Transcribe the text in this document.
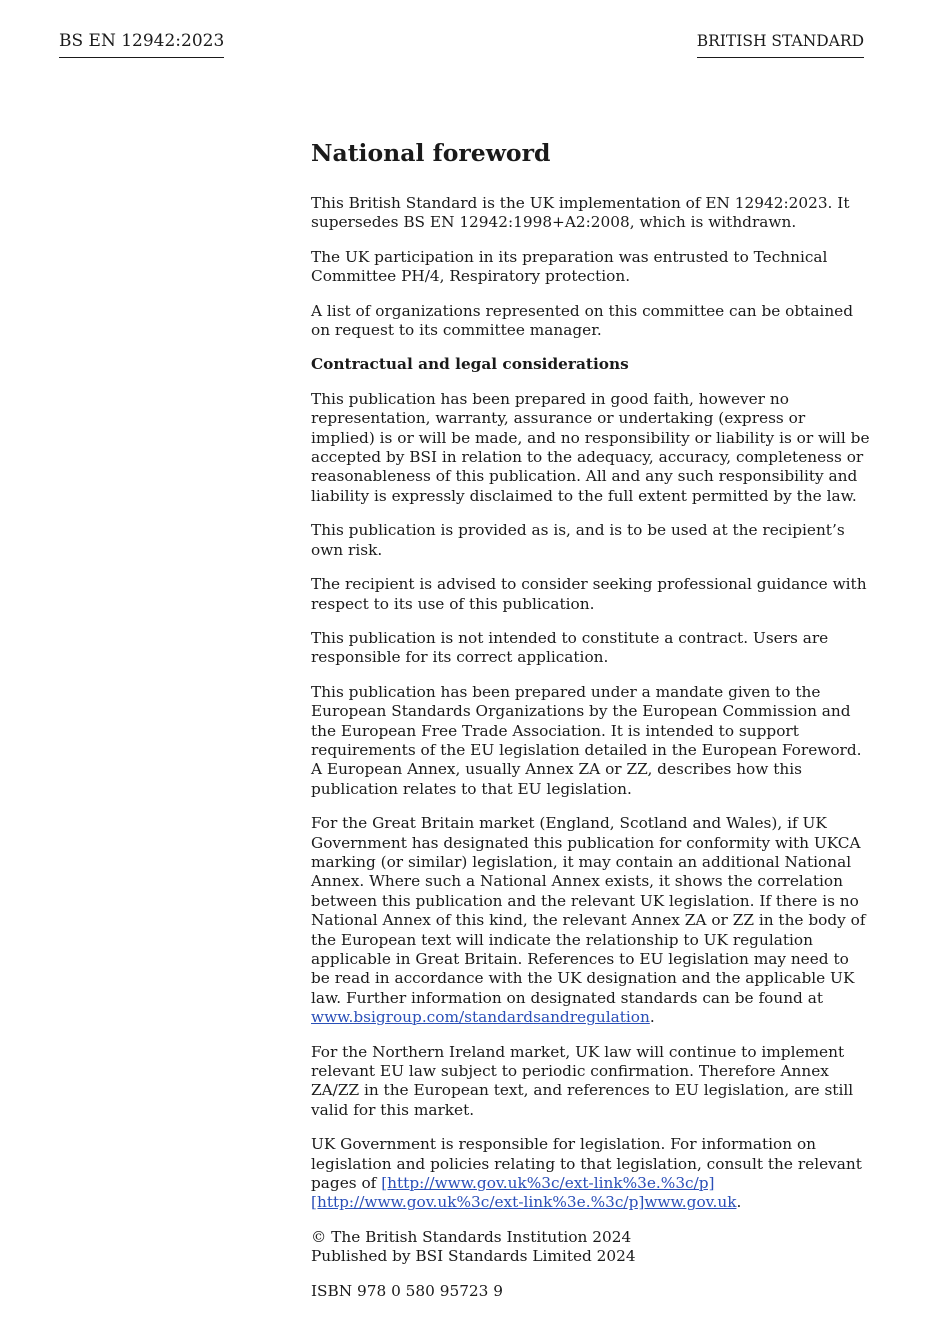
BS EN 12942:2023	BRITISH STANDARD
National foreword

This British Standard is the UK implementation of EN 12942:2023. It supersedes BS EN 12942:1998+A2:2008, which is withdrawn.

The UK participation in its preparation was entrusted to Technical Committee PH/4, Respiratory protection.

A list of organizations represented on this committee can be obtained on request to its committee manager.

Contractual and legal considerations

This publication has been prepared in good faith, however no representation, warranty, assurance or undertaking (express or implied) is or will be made, and no responsibility or liability is or will be accepted by BSI in relation to the adequacy, accuracy, completeness or reasonableness of this publication. All and any such responsibility and liability is expressly disclaimed to the full extent permitted by the law.

This publication is provided as is, and is to be used at the recipient’s own risk.

The recipient is advised to consider seeking professional guidance with respect to its use of this publication.

This publication is not intended to constitute a contract. Users are responsible for its correct application.

This publication has been prepared under a mandate given to the European Standards Organizations by the European Commission and the European Free Trade Association. It is intended to support requirements of the EU legislation detailed in the European Foreword. A European Annex, usually Annex ZA or ZZ, describes how this publication relates to that EU legislation.

For the Great Britain market (England, Scotland and Wales), if UK Government has designated this publication for conformity with UKCA marking (or similar) legislation, it may contain an additional National Annex. Where such a National Annex exists, it shows the correlation between this publication and the relevant UK legislation. If there is no National Annex of this kind, the relevant Annex ZA or ZZ in the body of the European text will indicate the relationship to UK regulation applicable in Great Britain. References to EU legislation may need to be read in accordance with the UK designation and the applicable UK law. Further information on designated standards can be found at www.bsigroup.com/standardsandregulation.

For the Northern Ireland market, UK law will continue to implement relevant EU law subject to periodic confirmation. Therefore Annex ZA/ZZ in the European text, and references to EU legislation, are still valid for this market.

UK Government is responsible for legislation. For information on legislation and policies relating to that legislation, consult the relevant pages of [http://www.gov.uk%3c/ext-link%3e.%3c/p][http://www.gov.uk%3c/ext-link%3e.%3c/p]www.gov.uk.

© The British Standards Institution 2024
Published by BSI Standards Limited 2024

ISBN 978 0 580 95723 9
